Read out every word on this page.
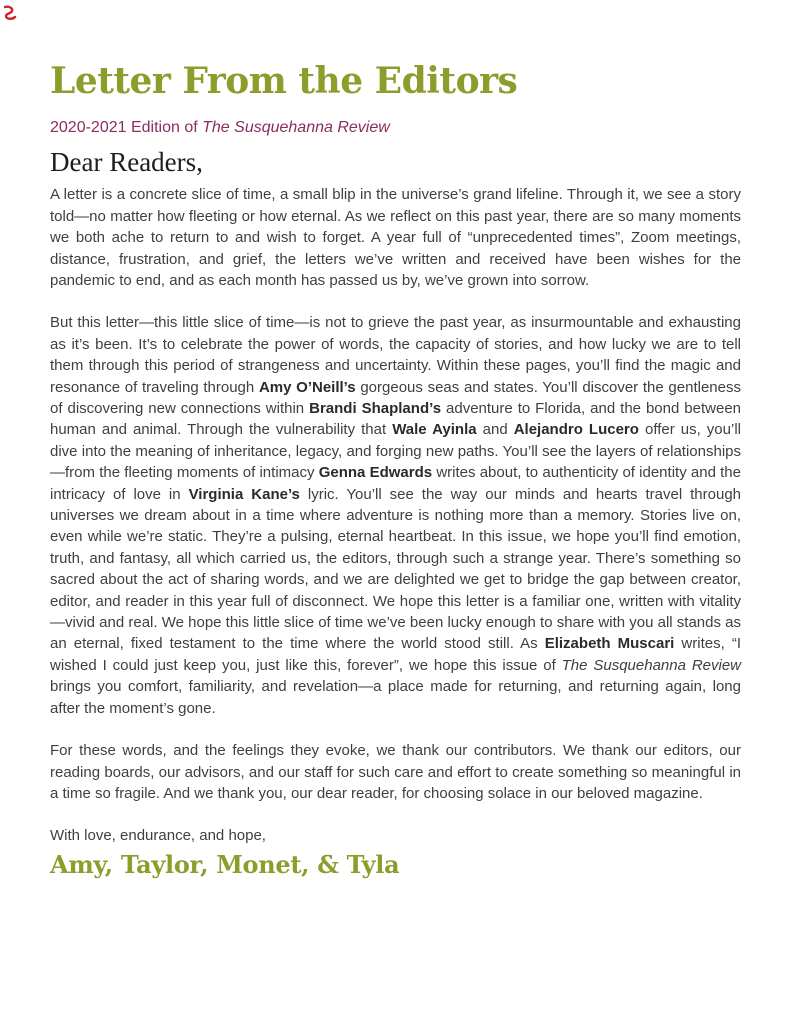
Letter From the Editors

2020-2021 Edition of The Susquehanna Review

Dear Readers,

A letter is a concrete slice of time, a small blip in the universe’s grand lifeline. Through it, we see a story told—no matter how fleeting or how eternal. As we reflect on this past year, there are so many moments we both ache to return to and wish to forget. A year full of “unprecedented times”, Zoom meetings, distance, frustration, and grief, the letters we’ve written and received have been wishes for the pandemic to end, and as each month has passed us by, we’ve grown into sorrow.

But this letter—this little slice of time—is not to grieve the past year, as insurmountable and exhausting as it’s been. It’s to celebrate the power of words, the capacity of stories, and how lucky we are to tell them through this period of strangeness and uncertainty. Within these pages, you’ll find the magic and resonance of traveling through Amy O’Neill’s gorgeous seas and states. You’ll discover the gentleness of discovering new connections within Brandi Shapland’s adventure to Florida, and the bond between human and animal. Through the vulnerability that Wale Ayinla and Alejandro Lucero offer us, you’ll dive into the meaning of inheritance, legacy, and forging new paths. You’ll see the layers of relationships—from the fleeting moments of intimacy Genna Edwards writes about, to authenticity of identity and the intricacy of love in Virginia Kane’s lyric. You’ll see the way our minds and hearts travel through universes we dream about in a time where adventure is nothing more than a memory. Stories live on, even while we’re static. They’re a pulsing, eternal heartbeat. In this issue, we hope you’ll find emotion, truth, and fantasy, all which carried us, the editors, through such a strange year. There’s something so sacred about the act of sharing words, and we are delighted we get to bridge the gap between creator, editor, and reader in this year full of disconnect. We hope this letter is a familiar one, written with vitality—vivid and real. We hope this little slice of time we’ve been lucky enough to share with you all stands as an eternal, fixed testament to the time where the world stood still. As Elizabeth Muscari writes, “I wished I could just keep you, just like this, forever”, we hope this issue of The Susquehanna Review brings you comfort, familiarity, and revelation—a place made for returning, and returning again, long after the moment’s gone.

For these words, and the feelings they evoke, we thank our contributors. We thank our editors, our reading boards, our advisors, and our staff for such care and effort to create something so meaningful in a time so fragile. And we thank you, our dear reader, for choosing solace in our beloved magazine.

With love, endurance, and hope,

Amy, Taylor, Monet, & Tyla
